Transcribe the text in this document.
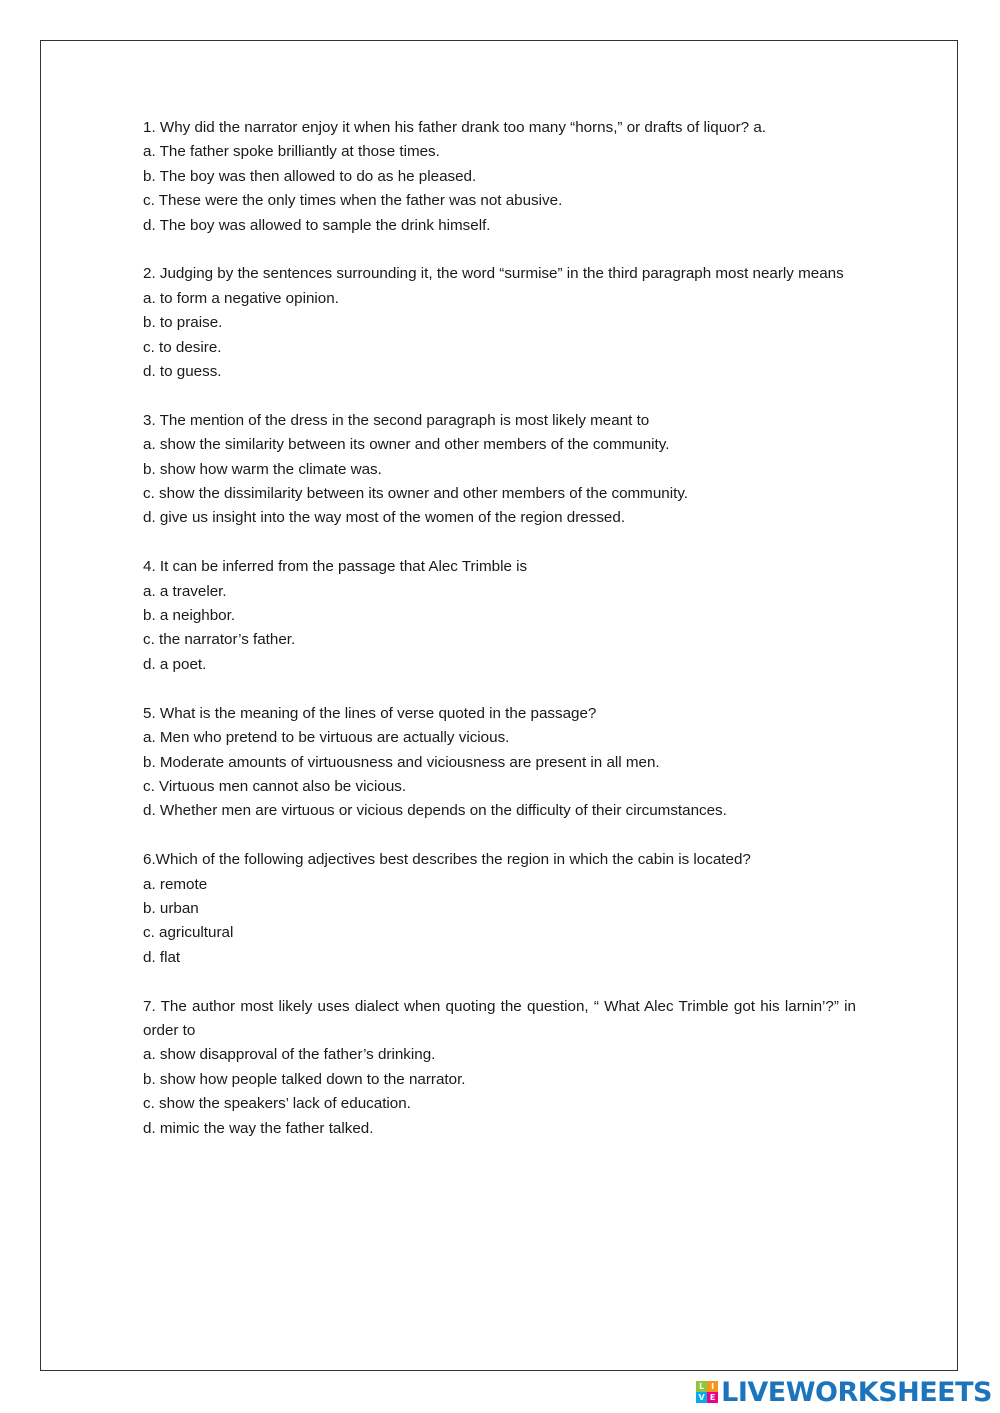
1. Why did the narrator enjoy it when his father drank too many “horns,” or drafts of liquor? a.

a. The father spoke brilliantly at those times.

b. The boy was then allowed to do as he pleased.

c. These were the only times when the father was not abusive.

d. The boy was allowed to sample the drink himself.

2. Judging by the sentences surrounding it, the word “surmise” in the third paragraph most nearly means

a. to form a negative opinion.

b. to praise.

c. to desire.

d. to guess.

3. The mention of the dress in the second paragraph is most likely meant to

a. show the similarity between its owner and other members of the community.

b. show how warm the climate was.

c. show the dissimilarity between its owner and other members of the community.

d. give us insight into the way most of the women of the region dressed.

4. It can be inferred from the passage that Alec Trimble is

a. a traveler.

b. a neighbor.

c. the narrator’s father.

d. a poet.

5. What is the meaning of the lines of verse quoted in the passage?

a. Men who pretend to be virtuous are actually vicious.

b. Moderate amounts of virtuousness and viciousness are present in all men.

c. Virtuous men cannot also be vicious.

d. Whether men are virtuous or vicious depends on the difficulty of their circumstances.

6.Which of the following adjectives best describes the region in which the cabin is located?

a. remote

b. urban

c. agricultural

d. flat

7. The author most likely uses dialect when quoting the question, “ What Alec Trimble got his larnin’?” in order to

a. show disapproval of the father’s drinking.

b. show how people talked down to the narrator.

c. show the speakers’ lack of education.

d. mimic the way the father talked.

L I
V E LIVEWORKSHEETS
